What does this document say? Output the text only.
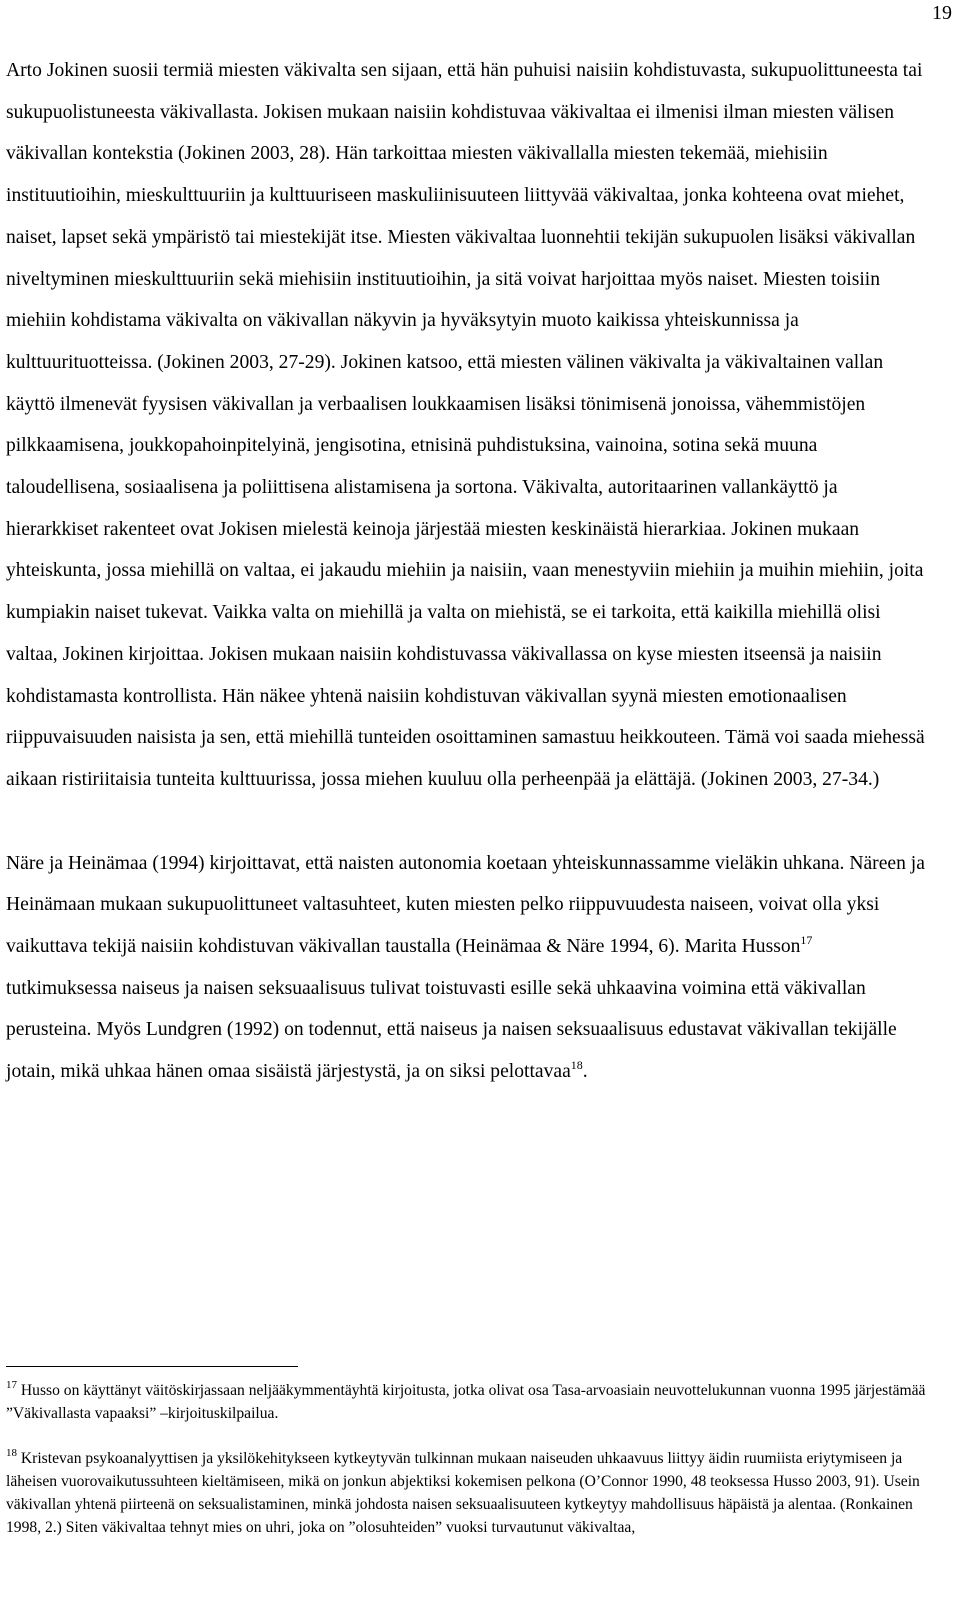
19

Arto Jokinen suosii termiä miesten väkivalta sen sijaan, että hän puhuisi naisiin kohdistuvasta, sukupuolittuneesta tai sukupuolistuneesta väkivallasta. Jokisen mukaan naisiin kohdistuvaa väkivaltaa ei ilmenisi ilman miesten välisen väkivallan kontekstia (Jokinen 2003, 28). Hän tarkoittaa miesten väkivallalla miesten tekemää, miehisiin instituutioihin, mieskulttuuriin ja kulttuuriseen maskuliinisuuteen liittyvää väkivaltaa, jonka kohteena ovat miehet, naiset, lapset sekä ympäristö tai miestekijät itse. Miesten väkivaltaa luonnehtii tekijän sukupuolen lisäksi väkivallan niveltyminen mieskulttuuriin sekä miehisiin instituutioihin, ja sitä voivat harjoittaa myös naiset. Miesten toisiin miehiin kohdistama väkivalta on väkivallan näkyvin ja hyväksytyin muoto kaikissa yhteiskunnissa ja kulttuurituotteissa. (Jokinen 2003, 27-29). Jokinen katsoo, että miesten välinen väkivalta ja väkivaltainen vallan käyttö ilmenevät fyysisen väkivallan ja verbaalisen loukkaamisen lisäksi tönimisenä jonoissa, vähemmistöjen pilkkaamisena, joukkopahoinpitelyinä, jengisotina, etnisinä puhdistuksina, vainoina, sotina sekä muuna taloudellisena, sosiaalisena ja poliittisena alistamisena ja sortona. Väkivalta, autoritaarinen vallankäyttö ja hierarkkiset rakenteet ovat Jokisen mielestä keinoja järjestää miesten keskinäistä hierarkiaa. Jokinen mukaan yhteiskunta, jossa miehillä on valtaa, ei jakaudu miehiin ja naisiin, vaan menestyviin miehiin ja muihin miehiin, joita kumpiakin naiset tukevat. Vaikka valta on miehillä ja valta on miehistä, se ei tarkoita, että kaikilla miehillä olisi valtaa, Jokinen kirjoittaa. Jokisen mukaan naisiin kohdistuvassa väkivallassa on kyse miesten itseensä ja naisiin kohdistamasta kontrollista. Hän näkee yhtenä naisiin kohdistuvan väkivallan syynä miesten emotionaalisen riippuvaisuuden naisista ja sen, että miehillä tunteiden osoittaminen samastuu heikkouteen. Tämä voi saada miehessä aikaan ristiriitaisia tunteita kulttuurissa, jossa miehen kuuluu olla perheenpää ja elättäjä. (Jokinen 2003, 27-34.)

Näre ja Heinämaa (1994) kirjoittavat, että naisten autonomia koetaan yhteiskunnassamme vieläkin uhkana. Näreen ja Heinämaan mukaan sukupuolittuneet valtasuhteet, kuten miesten pelko riippuvuudesta naiseen, voivat olla yksi vaikuttava tekijä naisiin kohdistuvan väkivallan taustalla (Heinämaa & Näre 1994, 6). Marita Husson$^{17}$ tutkimuksessa naiseus ja naisen seksuaalisuus tulivat toistuvasti esille sekä uhkaavina voimina että väkivallan perusteina. Myös Lundgren (1992) on todennut, että naiseus ja naisen seksuaalisuus edustavat väkivallan tekijälle jotain, mikä uhkaa hänen omaa sisäistä järjestystä, ja on siksi pelottavaa$^{18}$.

$^{17}$ Husso on käyttänyt väitöskirjassaan neljääkymmentäyhtä kirjoitusta, jotka olivat osa Tasa-arvoasiain neuvottelukunnan vuonna 1995 järjestämää ”Väkivallasta vapaaksi” –kirjoituskilpailua.

$^{18}$ Kristevan psykoanalyyttisen ja yksilökehitykseen kytkeytyvän tulkinnan mukaan naiseuden uhkaavuus liittyy äidin ruumiista eriytymiseen ja läheisen vuorovaikutussuhteen kieltämiseen, mikä on jonkun abjektiksi kokemisen pelkona (O’Connor 1990, 48 teoksessa Husso 2003, 91). Usein väkivallan yhtenä piirteenä on seksualistaminen, minkä johdosta naisen seksuaalisuuteen kytkeytyy mahdollisuus häpäistä ja alentaa. (Ronkainen 1998, 2.) Siten väkivaltaa tehnyt mies on uhri, joka on ”olosuhteiden” vuoksi turvautunut väkivaltaa,
